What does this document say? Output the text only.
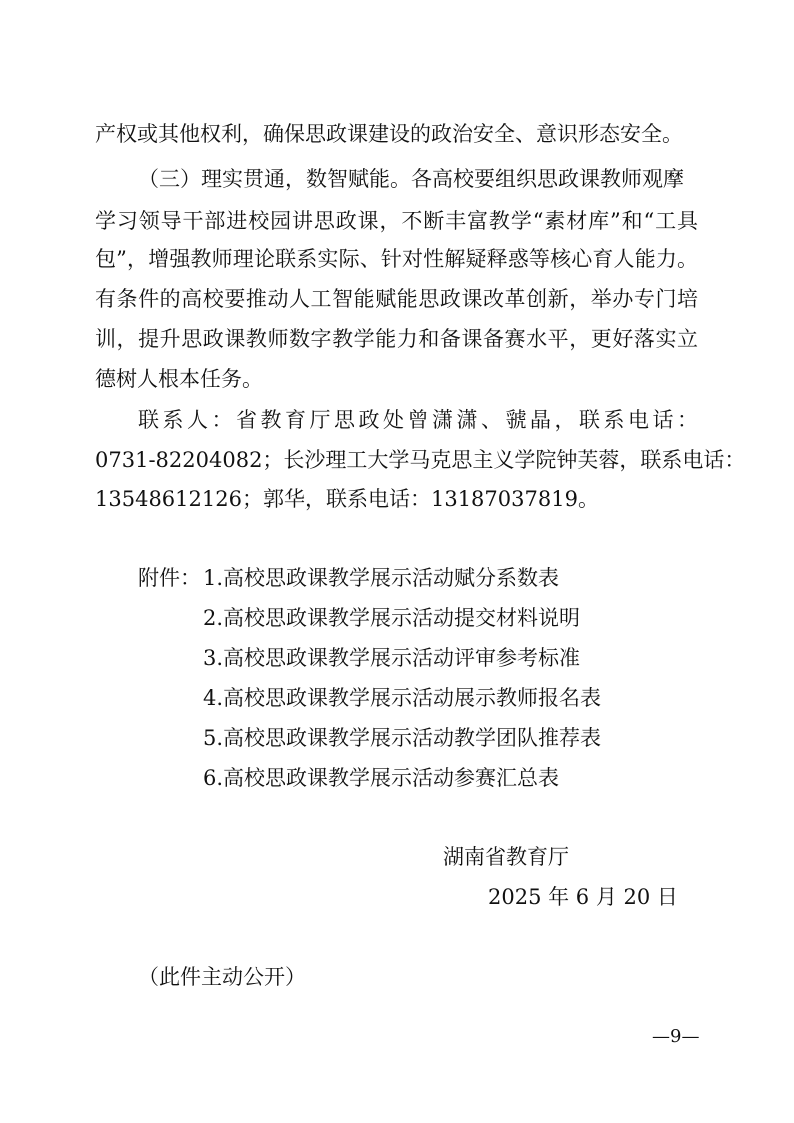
产权或其他权利，确保思政课建设的政治安全、意识形态安全。

（三）理实贯通，数智赋能。各高校要组织思政课教师观摩

学习领导干部进校园讲思政课，不断丰富教学“素材库”和“工具

包”，增强教师理论联系实际、针对性解疑释惑等核心育人能力。

有条件的高校要推动人工智能赋能思政课改革创新，举办专门培

训，提升思政课教师数字教学能力和备课备赛水平，更好落实立

德树人根本任务。

联系人：省教育厅思政处曾潇潇、虢晶，联系电话：

0731-82204082；长沙理工大学马克思主义学院钟芙蓉，联系电话：

13548612126；郭华，联系电话：13187037819。

附件： 1.高校思政课教学展示活动赋分系数表

2.高校思政课教学展示活动提交材料说明

3.高校思政课教学展示活动评审参考标准

4.高校思政课教学展示活动展示教师报名表

5.高校思政课教学展示活动教学团队推荐表

6.高校思政课教学展示活动参赛汇总表

湖南省教育厅

2025 年 6 月 20 日

（此件主动公开）

—9—
